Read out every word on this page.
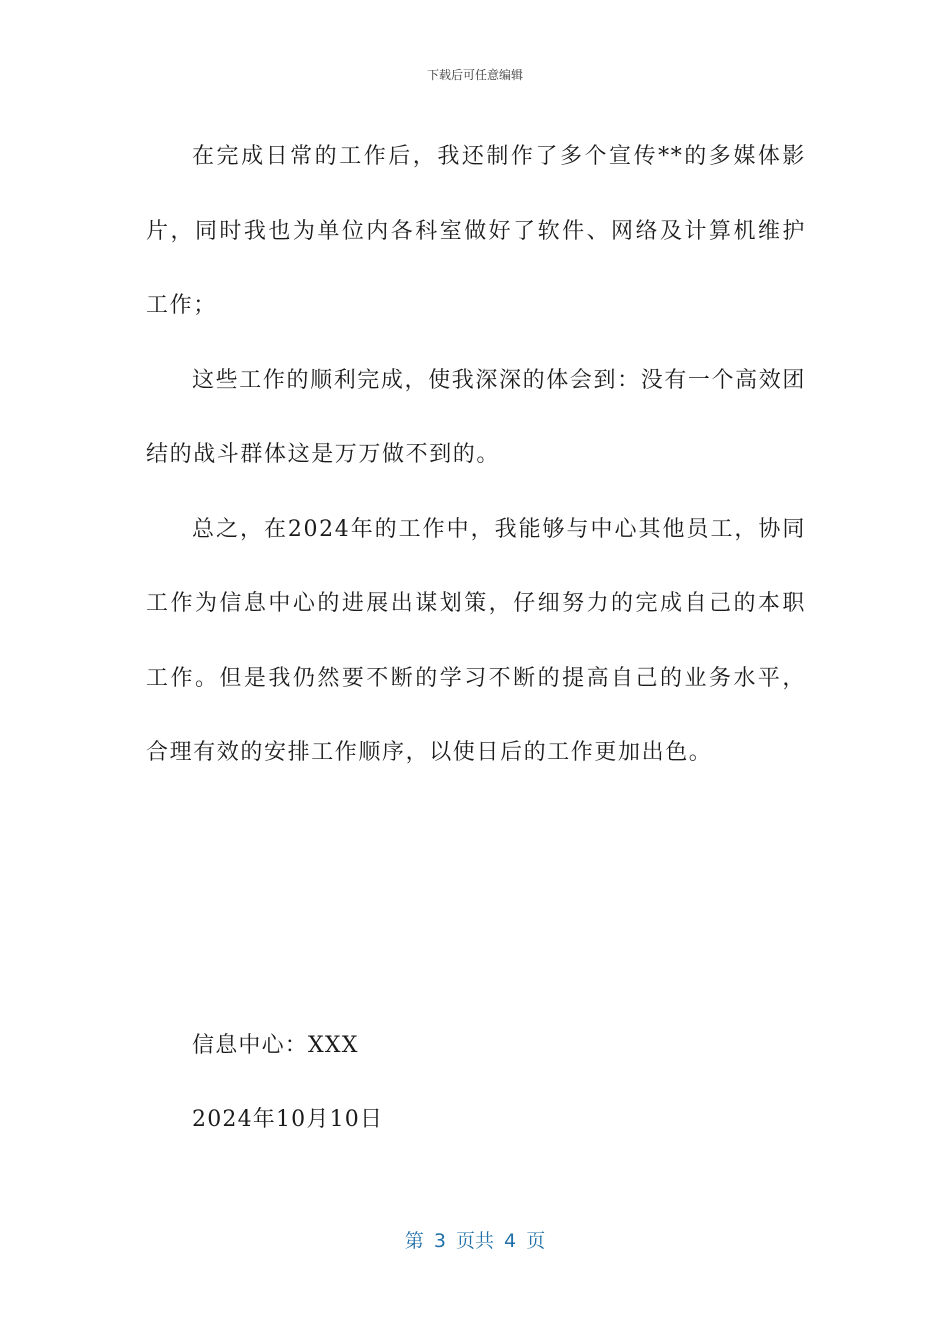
下载后可任意编辑

在完成日常的工作后，我还制作了多个宣传**的多媒体影片，同时我也为单位内各科室做好了软件、网络及计算机维护工作；

这些工作的顺利完成，使我深深的体会到：没有一个高效团结的战斗群体这是万万做不到的。

总之，在2024年的工作中，我能够与中心其他员工，协同工作为信息中心的进展出谋划策，仔细努力的完成自己的本职工作。但是我仍然要不断的学习不断的提高自己的业务水平，合理有效的安排工作顺序，以使日后的工作更加出色。

信息中心：XXX
2024年10月10日
第 3 页共 4 页
